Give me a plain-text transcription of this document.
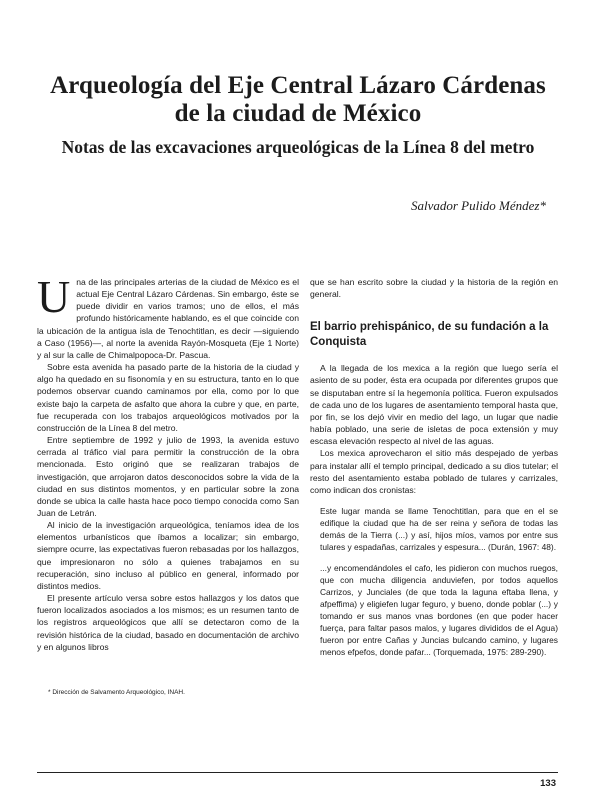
Arqueología del Eje Central Lázaro Cárdenas
de la ciudad de México
Notas de las excavaciones arqueológicas de la Línea 8 del metro
Salvador Pulido Méndez*

Una de las principales arterias de la ciudad de México es el actual Eje Central Lázaro Cárdenas. Sin embargo, éste se puede dividir en varios tramos; uno de ellos, el más profundo históricamente hablando, es el que coincide con la ubicación de la antigua isla de Tenochtitlan, es decir —siguiendo a Caso (1956)—, al norte la avenida Rayón-Mosqueta (Eje 1 Norte) y al sur la calle de Chimalpopoca-Dr. Pascua.

Sobre esta avenida ha pasado parte de la historia de la ciudad y algo ha quedado en su fisonomía y en su estructura, tanto en lo que podemos observar cuando caminamos por ella, como por lo que existe bajo la carpeta de asfalto que ahora la cubre y que, en parte, fue recuperada con los trabajos arqueológicos motivados por la construcción de la Línea 8 del metro.

Entre septiembre de 1992 y julio de 1993, la avenida estuvo cerrada al tráfico vial para permitir la construcción de la obra mencionada. Esto originó que se realizaran trabajos de investigación, que arrojaron datos desconocidos sobre la vida de la ciudad en sus distintos momentos, y en particular sobre la zona donde se ubica la calle hasta hace poco tiempo conocida como San Juan de Letrán.

Al inicio de la investigación arqueológica, teníamos idea de los elementos urbanísticos que íbamos a localizar; sin embargo, siempre ocurre, las expectativas fueron rebasadas por los hallazgos, que impresionaron no sólo a quienes trabajamos en su recuperación, sino incluso al público en general, informado por distintos medios.

El presente artículo versa sobre estos hallazgos y los datos que fueron localizados asociados a los mismos; es un resumen tanto de los registros arqueológicos que allí se detectaron como de la revisión histórica de la ciudad, basado en documentación de archivo y en algunos libros

que se han escrito sobre la ciudad y la historia de la región en general.

El barrio prehispánico, de su fundación a la Conquista

A la llegada de los mexica a la región que luego sería el asiento de su poder, ésta era ocupada por diferentes grupos que se disputaban entre sí la hegemonía política. Fueron expulsados de cada uno de los lugares de asentamiento temporal hasta que, por fin, se los dejó vivir en medio del lago, un lugar que nadie había poblado, una serie de isletas de poca extensión y muy escasa elevación respecto al nivel de las aguas.

Los mexica aprovecharon el sitio más despejado de yerbas para instalar allí el templo principal, dedicado a su dios tutelar; el resto del asentamiento estaba poblado de tulares y carrizales, como indican dos cronistas:

Este lugar manda se llame Tenochtitlan, para que en el se edifique la ciudad que ha de ser reina y señora de todas las demás de la Tierra (...) y así, hijos míos, vamos por entre sus tulares y espadañas, carrizales y espesura... (Durán, 1967: 48).

...y encomendándoles el cafo, les pidieron con muchos ruegos, que con mucha diligencia anduviefen, por todos aquellos Carrizos, y Junciales (de que toda la laguna eftaba llena, y afpeffima) y eligiefen lugar feguro, y bueno, donde poblar (...) y tomando er sus manos vnas bordones (en que poder hacer fuerça, para faltar pasos malos, y lugares divididos de el Agua) fueron por entre Cañas y Juncias bulcando camino, y lugares menos efpefos, donde pafar... (Torquemada, 1975: 289-290).

* Dirección de Salvamento Arqueológico, INAH.
133
